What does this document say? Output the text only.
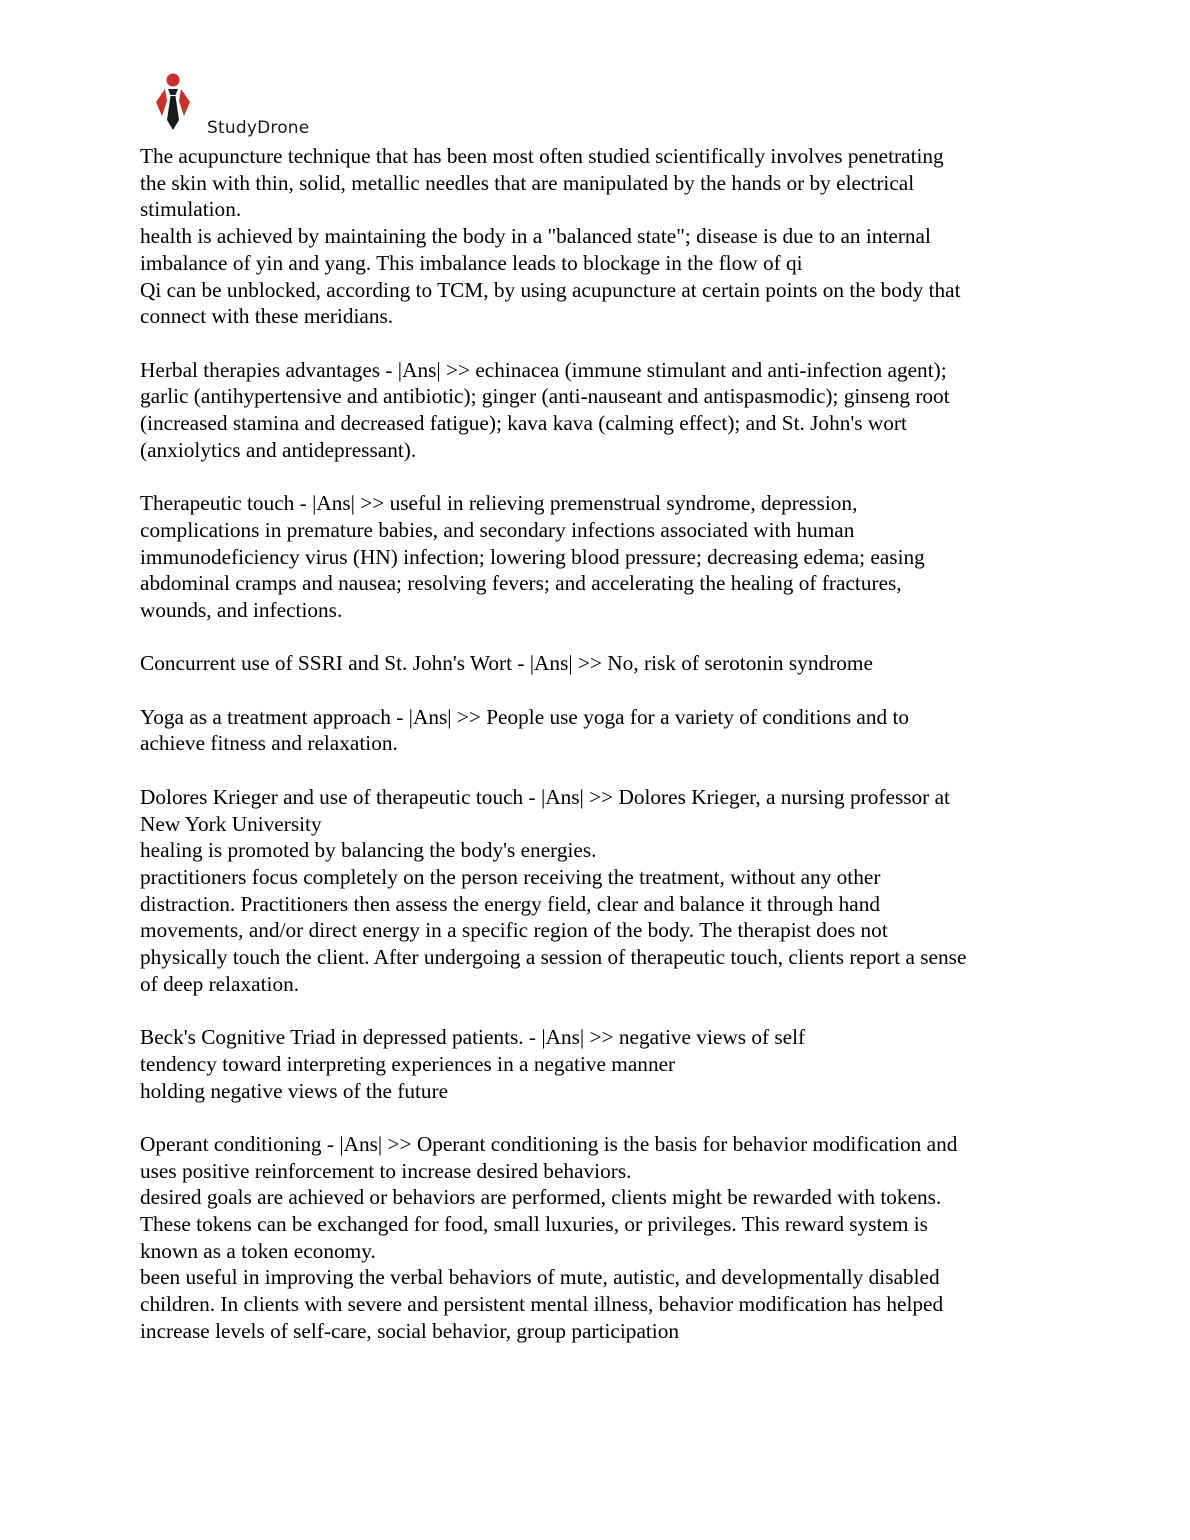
StudyDrone
The acupuncture technique that has been most often studied scientifically involves penetrating
the skin with thin, solid, metallic needles that are manipulated by the hands or by electrical
stimulation.
health is achieved by maintaining the body in a "balanced state"; disease is due to an internal
imbalance of yin and yang. This imbalance leads to blockage in the flow of qi
Qi can be unblocked, according to TCM, by using acupuncture at certain points on the body that
connect with these meridians.
Herbal therapies advantages - |Ans| >> echinacea (immune stimulant and anti-infection agent);
garlic (antihypertensive and antibiotic); ginger (anti-nauseant and antispasmodic); ginseng root
(increased stamina and decreased fatigue); kava kava (calming effect); and St. John's wort
(anxiolytics and antidepressant).
Therapeutic touch - |Ans| >> useful in relieving premenstrual syndrome, depression,
complications in premature babies, and secondary infections associated with human
immunodeficiency virus (HN) infection; lowering blood pressure; decreasing edema; easing
abdominal cramps and nausea; resolving fevers; and accelerating the healing of fractures,
wounds, and infections.
Concurrent use of SSRI and St. John's Wort - |Ans| >> No, risk of serotonin syndrome
Yoga as a treatment approach - |Ans| >> People use yoga for a variety of conditions and to
achieve fitness and relaxation.
Dolores Krieger and use of therapeutic touch - |Ans| >> Dolores Krieger, a nursing professor at
New York University
healing is promoted by balancing the body's energies.
practitioners focus completely on the person receiving the treatment, without any other
distraction. Practitioners then assess the energy field, clear and balance it through hand
movements, and/or direct energy in a specific region of the body. The therapist does not
physically touch the client. After undergoing a session of therapeutic touch, clients report a sense
of deep relaxation.
Beck's Cognitive Triad in depressed patients. - |Ans| >> negative views of self
tendency toward interpreting experiences in a negative manner
holding negative views of the future
Operant conditioning - |Ans| >> Operant conditioning is the basis for behavior modification and
uses positive reinforcement to increase desired behaviors.
desired goals are achieved or behaviors are performed, clients might be rewarded with tokens.
These tokens can be exchanged for food, small luxuries, or privileges. This reward system is
known as a token economy.
been useful in improving the verbal behaviors of mute, autistic, and developmentally disabled
children. In clients with severe and persistent mental illness, behavior modification has helped
increase levels of self-care, social behavior, group participation
